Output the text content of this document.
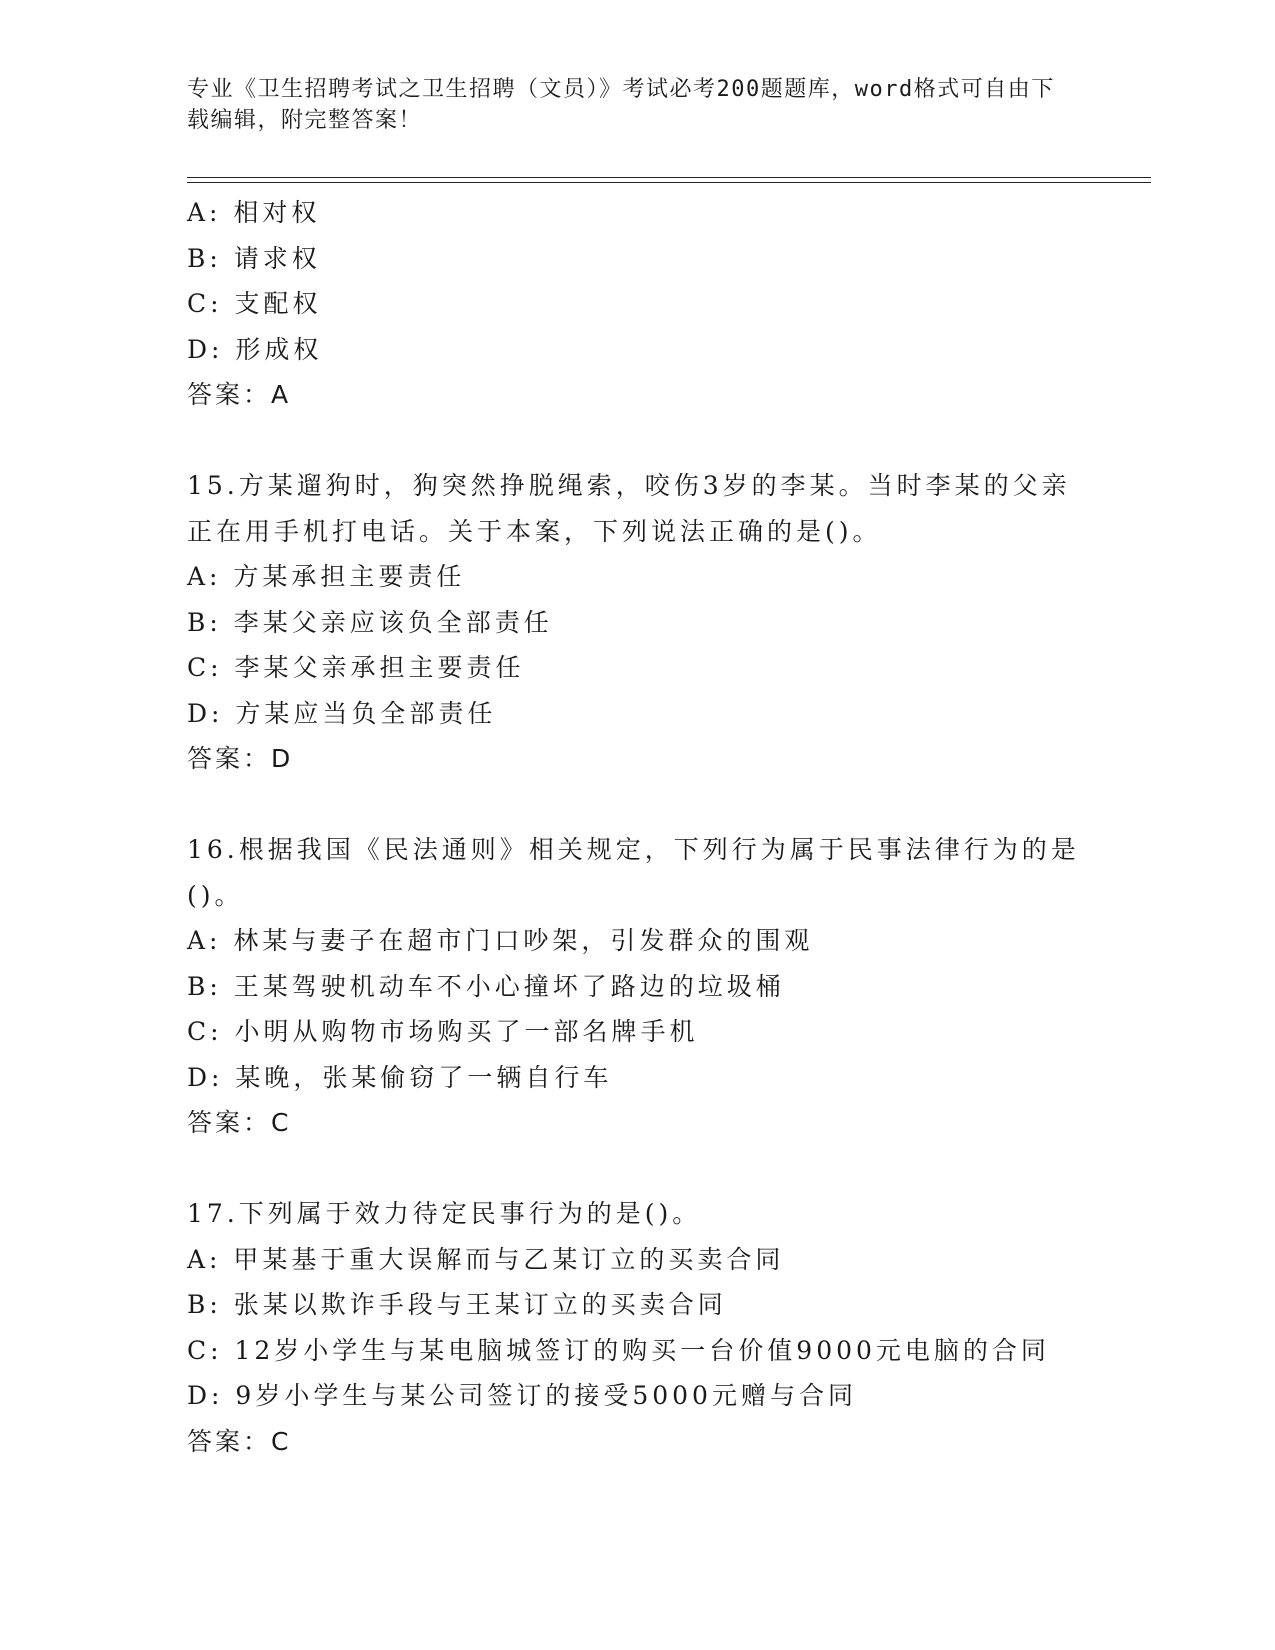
专业《卫生招聘考试之卫生招聘（文员）》考试必考200题题库，word格式可自由下载编辑，附完整答案！
A: 相对权
B: 请求权
C: 支配权
D: 形成权
答案：A
15.方某遛狗时，狗突然挣脱绳索，咬伤3岁的李某。当时李某的父亲正在用手机打电话。关于本案，下列说法正确的是()。
A: 方某承担主要责任
B: 李某父亲应该负全部责任
C: 李某父亲承担主要责任
D: 方某应当负全部责任
答案：D
16.根据我国《民法通则》相关规定，下列行为属于民事法律行为的是()。
A: 林某与妻子在超市门口吵架，引发群众的围观
B: 王某驾驶机动车不小心撞坏了路边的垃圾桶
C: 小明从购物市场购买了一部名牌手机
D: 某晚，张某偷窃了一辆自行车
答案：C
17.下列属于效力待定民事行为的是()。
A: 甲某基于重大误解而与乙某订立的买卖合同
B: 张某以欺诈手段与王某订立的买卖合同
C: 12岁小学生与某电脑城签订的购买一台价值9000元电脑的合同
D: 9岁小学生与某公司签订的接受5000元赠与合同
答案：C
